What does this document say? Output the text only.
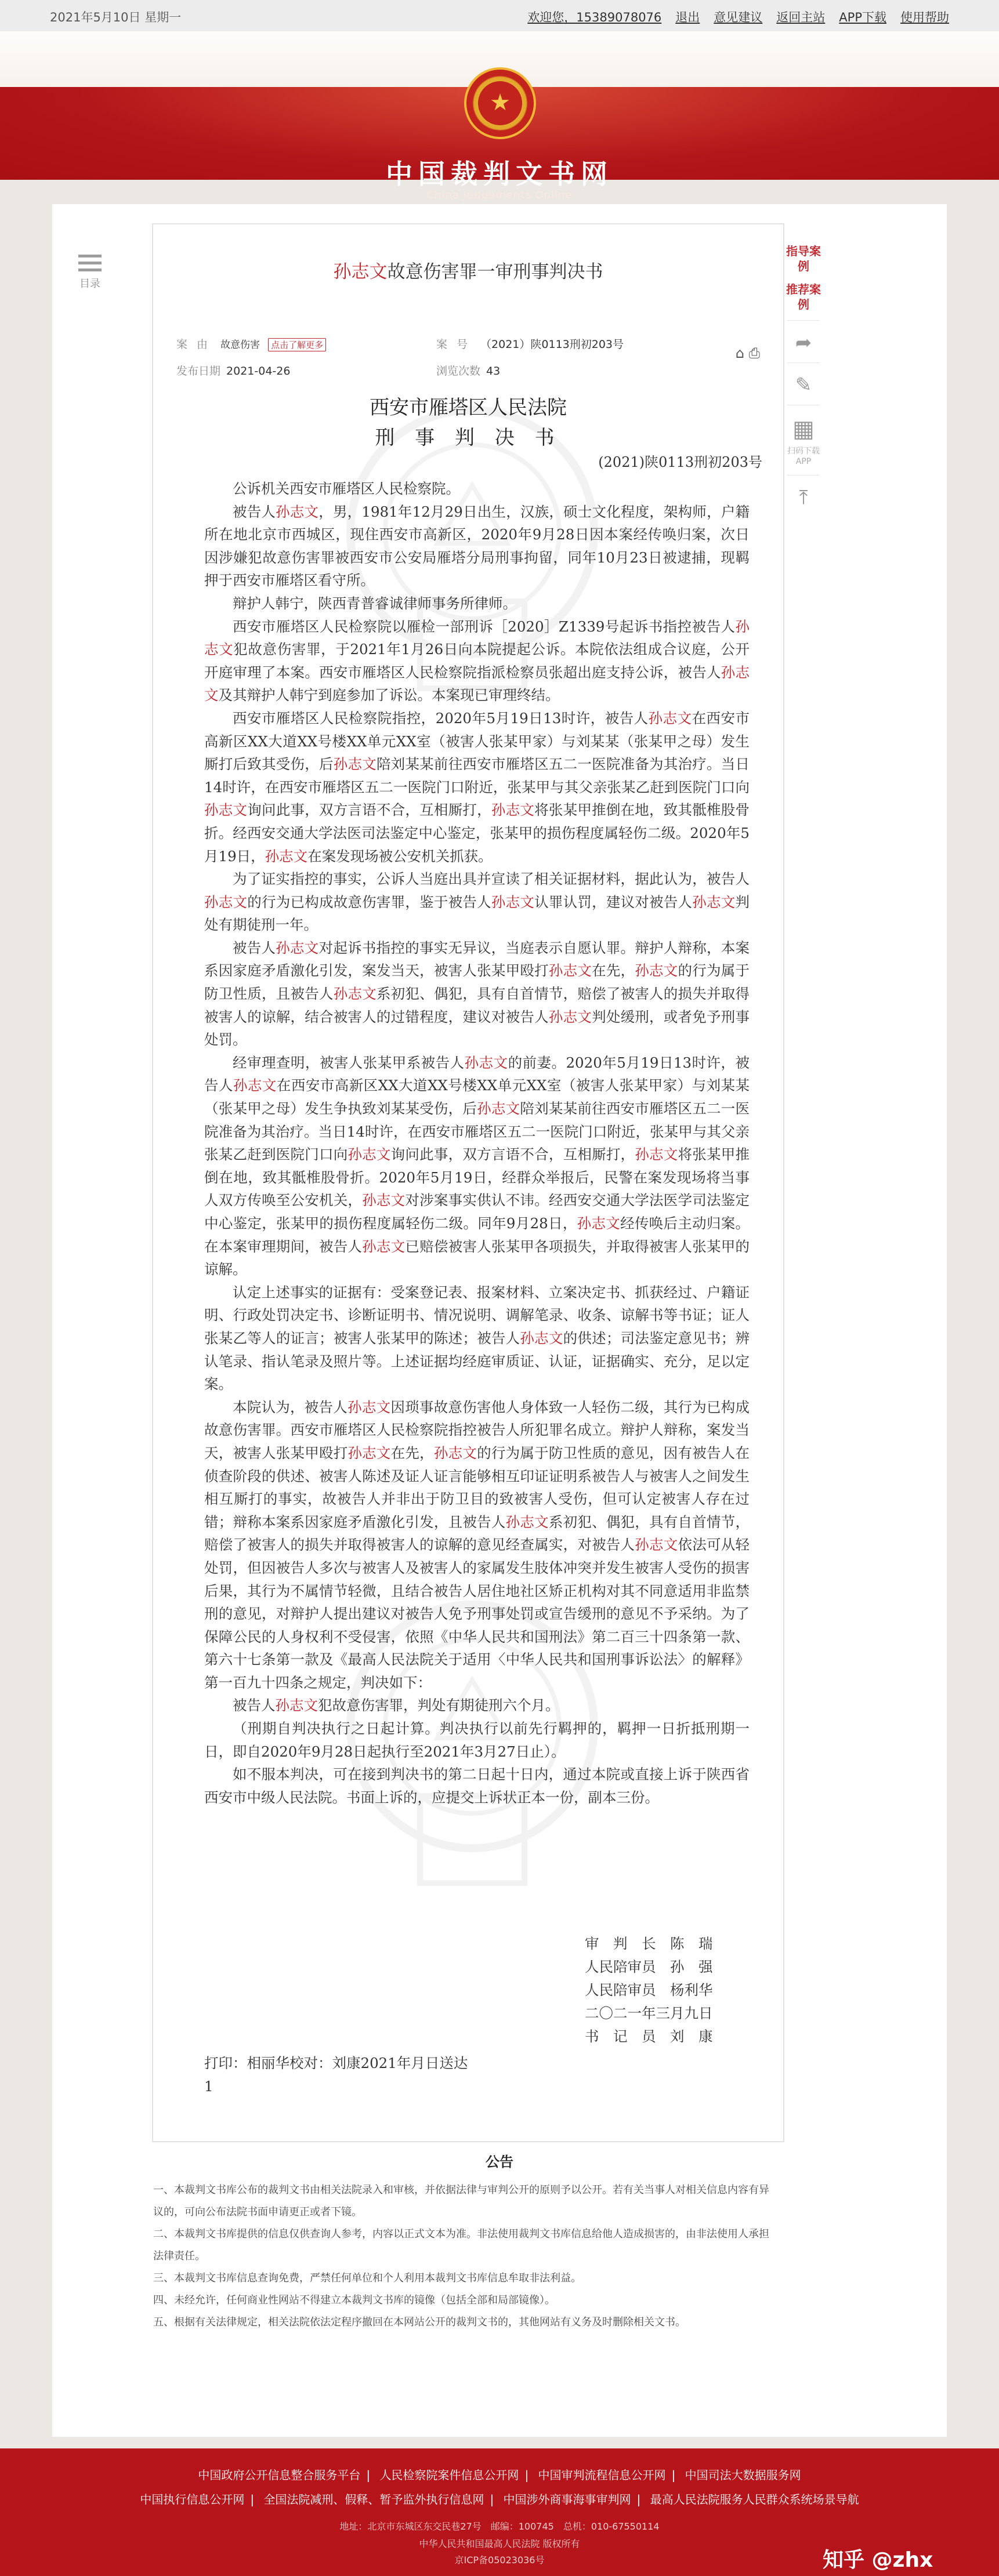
2021年5月10日 星期一	欢迎您，15389078076 退出 意见建议 返回主站 APP下载 使用帮助
★
中国裁判文书网
China Judgements Online
目录
孙志文故意伤害罪一审刑事判决书
案由 故意伤害 点击了解更多	案号 （2021）陕0113刑初203号
发布日期 2021-04-26	浏览次数 43
⌂ ⎙
西安市雁塔区人民法院
刑 事 判 决 书
(2021)陕0113刑初203号

公诉机关西安市雁塔区人民检察院。

被告人孙志文，男，1981年12月29日出生，汉族，硕士文化程度，架构师，户籍所在地北京市西城区，现住西安市高新区，2020年9月28日因本案经传唤归案，次日因涉嫌犯故意伤害罪被西安市公安局雁塔分局刑事拘留，同年10月23日被逮捕，现羁押于西安市雁塔区看守所。

辩护人韩宁，陕西青普睿诚律师事务所律师。

西安市雁塔区人民检察院以雁检一部刑诉［2020］Z1339号起诉书指控被告人孙志文犯故意伤害罪，于2021年1月26日向本院提起公诉。本院依法组成合议庭，公开开庭审理了本案。西安市雁塔区人民检察院指派检察员张超出庭支持公诉，被告人孙志文及其辩护人韩宁到庭参加了诉讼。本案现已审理终结。

西安市雁塔区人民检察院指控，2020年5月19日13时许，被告人孙志文在西安市高新区XX大道XX号楼XX单元XX室（被害人张某甲家）与刘某某（张某甲之母）发生厮打后致其受伤，后孙志文陪刘某某前往西安市雁塔区五二一医院准备为其治疗。当日14时许，在西安市雁塔区五二一医院门口附近，张某甲与其父亲张某乙赶到医院门口向孙志文询问此事，双方言语不合，互相厮打，孙志文将张某甲推倒在地，致其骶椎股骨折。经西安交通大学法医司法鉴定中心鉴定，张某甲的损伤程度属轻伤二级。2020年5月19日，孙志文在案发现场被公安机关抓获。

为了证实指控的事实，公诉人当庭出具并宣读了相关证据材料，据此认为，被告人孙志文的行为已构成故意伤害罪，鉴于被告人孙志文认罪认罚，建议对被告人孙志文判处有期徒刑一年。

被告人孙志文对起诉书指控的事实无异议，当庭表示自愿认罪。辩护人辩称，本案系因家庭矛盾激化引发，案发当天，被害人张某甲殴打孙志文在先，孙志文的行为属于防卫性质，且被告人孙志文系初犯、偶犯，具有自首情节，赔偿了被害人的损失并取得被害人的谅解，结合被害人的过错程度，建议对被告人孙志文判处缓刑，或者免予刑事处罚。

经审理查明，被害人张某甲系被告人孙志文的前妻。2020年5月19日13时许，被告人孙志文在西安市高新区XX大道XX号楼XX单元XX室（被害人张某甲家）与刘某某（张某甲之母）发生争执致刘某某受伤，后孙志文陪刘某某前往西安市雁塔区五二一医院准备为其治疗。当日14时许，在西安市雁塔区五二一医院门口附近，张某甲与其父亲张某乙赶到医院门口向孙志文询问此事，双方言语不合，互相厮打，孙志文将张某甲推倒在地，致其骶椎股骨折。2020年5月19日，经群众举报后，民警在案发现场将当事人双方传唤至公安机关，孙志文对涉案事实供认不讳。经西安交通大学法医学司法鉴定中心鉴定，张某甲的损伤程度属轻伤二级。同年9月28日，孙志文经传唤后主动归案。在本案审理期间，被告人孙志文已赔偿被害人张某甲各项损失，并取得被害人张某甲的谅解。

认定上述事实的证据有：受案登记表、报案材料、立案决定书、抓获经过、户籍证明、行政处罚决定书、诊断证明书、情况说明、调解笔录、收条、谅解书等书证；证人张某乙等人的证言；被害人张某甲的陈述；被告人孙志文的供述；司法鉴定意见书；辨认笔录、指认笔录及照片等。上述证据均经庭审质证、认证，证据确实、充分，足以定案。

本院认为，被告人孙志文因琐事故意伤害他人身体致一人轻伤二级，其行为已构成故意伤害罪。西安市雁塔区人民检察院指控被告人所犯罪名成立。辩护人辩称，案发当天，被害人张某甲殴打孙志文在先，孙志文的行为属于防卫性质的意见，因有被告人在侦查阶段的供述、被害人陈述及证人证言能够相互印证证明系被告人与被害人之间发生相互厮打的事实，故被告人并非出于防卫目的致被害人受伤，但可认定被害人存在过错；辩称本案系因家庭矛盾激化引发，且被告人孙志文系初犯、偶犯，具有自首情节，赔偿了被害人的损失并取得被害人的谅解的意见经查属实，对被告人孙志文依法可从轻处罚，但因被告人多次与被害人及被害人的家属发生肢体冲突并发生被害人受伤的损害后果，其行为不属情节轻微，且结合被告人居住地社区矫正机构对其不同意适用非监禁刑的意见，对辩护人提出建议对被告人免予刑事处罚或宣告缓刑的意见不予采纳。为了保障公民的人身权利不受侵害，依照《中华人民共和国刑法》第二百三十四条第一款、第六十七条第一款及《最高人民法院关于适用〈中华人民共和国刑事诉讼法〉的解释》第一百九十四条之规定，判决如下：

被告人孙志文犯故意伤害罪，判处有期徒刑六个月。

（刑期自判决执行之日起计算。判决执行以前先行羁押的，羁押一日折抵刑期一日，即自2020年9月28日起执行至2021年3月27日止）。

如不服本判决，可在接到判决书的第二日起十日内，通过本院或直接上诉于陕西省西安市中级人民法院。书面上诉的，应提交上诉状正本一份，副本三份。

审　判　长　陈　瑞
人民陪审员　孙　强
人民陪审员　杨利华
二〇二一年三月九日
书　记　员　刘　康
打印：相丽华校对：刘康2021年月日送达
1
指导案例
推荐案例
➦
✎
▦
扫码下载APP
⤒
公告

一、本裁判文书库公布的裁判文书由相关法院录入和审核，并依据法律与审判公开的原则予以公开。若有关当事人对相关信息内容有异议的，可向公布法院书面申请更正或者下镜。

二、本裁判文书库提供的信息仅供查询人参考，内容以正式文本为准。非法使用裁判文书库信息给他人造成损害的，由非法使用人承担法律责任。

三、本裁判文书库信息查询免费，严禁任何单位和个人利用本裁判文书库信息牟取非法利益。

四、未经允许，任何商业性网站不得建立本裁判文书库的镜像（包括全部和局部镜像）。

五、根据有关法律规定，相关法院依法定程序撤回在本网站公开的裁判文书的，其他网站有义务及时删除相关文书。

中国政府公开信息整合服务平台 | 人民检察院案件信息公开网 | 中国审判流程信息公开网 | 中国司法大数据服务网
中国执行信息公开网 | 全国法院减刑、假释、暂予监外执行信息网 | 中国涉外商事海事审判网 | 最高人民法院服务人民群众系统场景导航
地址：北京市东城区东交民巷27号　邮编：100745　总机：010-67550114
中华人民共和国最高人民法院 版权所有
京ICP备05023036号	知乎 @zhx
